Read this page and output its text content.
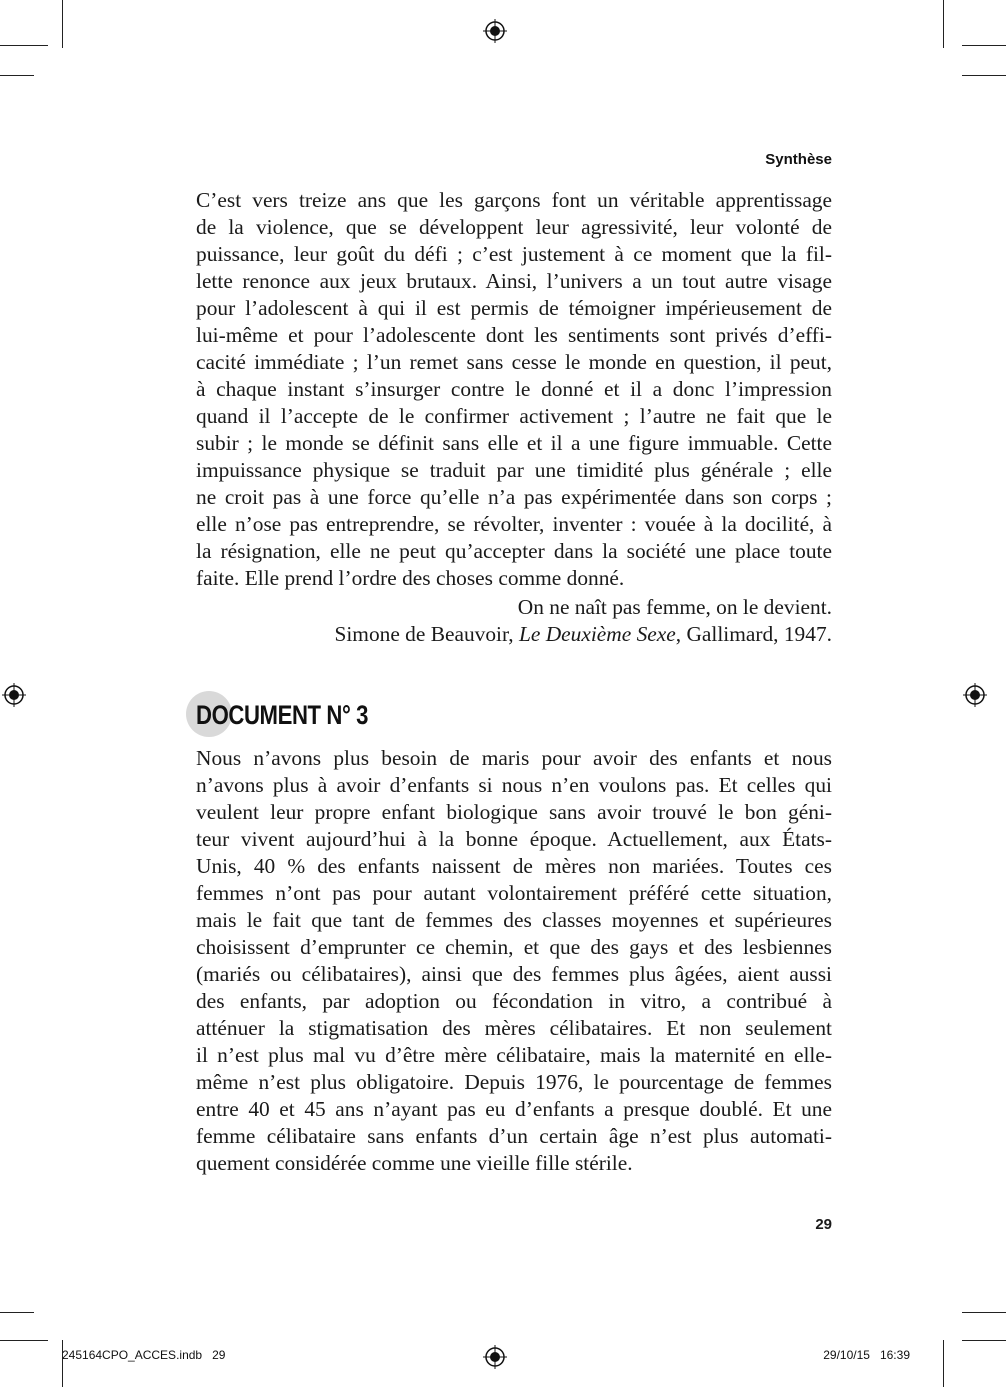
Synthèse

C’est vers treize ans que les garçons font un véritable apprentissage
de la violence, que se développent leur agressivité, leur volonté de
puissance, leur goût du défi ; c’est justement à ce moment que la fil-
lette renonce aux jeux brutaux. Ainsi, l’univers a un tout autre visage
pour l’adolescent à qui il est permis de témoigner impérieusement de
lui-même et pour l’adolescente dont les sentiments sont privés d’effi-
cacité immédiate ; l’un remet sans cesse le monde en question, il peut,
à chaque instant s’insurger contre le donné et il a donc l’impression
quand il l’accepte de le confirmer activement ; l’autre ne fait que le
subir ; le monde se définit sans elle et il a une figure immuable. Cette
impuissance physique se traduit par une timidité plus générale ; elle
ne croit pas à une force qu’elle n’a pas expérimentée dans son corps ;
elle n’ose pas entreprendre, se révolter, inventer : vouée à la docilité, à
la résignation, elle ne peut qu’accepter dans la société une place toute
faite. Elle prend l’ordre des choses comme donné.

On ne naît pas femme, on le devient.
Simone de Beauvoir, Le Deuxième Sexe, Gallimard, 1947.
DOCUMENT N° 3

Nous n’avons plus besoin de maris pour avoir des enfants et nous
n’avons plus à avoir d’enfants si nous n’en voulons pas. Et celles qui
veulent leur propre enfant biologique sans avoir trouvé le bon géni-
teur vivent aujourd’hui à la bonne époque. Actuellement, aux États-
Unis, 40 % des enfants naissent de mères non mariées. Toutes ces
femmes n’ont pas pour autant volontairement préféré cette situation,
mais le fait que tant de femmes des classes moyennes et supérieures
choisissent d’emprunter ce chemin, et que des gays et des lesbiennes
(mariés ou célibataires), ainsi que des femmes plus âgées, aient aussi
des enfants, par adoption ou fécondation in vitro, a contribué à
atténuer la stigmatisation des mères célibataires. Et non seulement
il n’est plus mal vu d’être mère célibataire, mais la maternité en elle-
même n’est plus obligatoire. Depuis 1976, le pourcentage de femmes
entre 40 et 45 ans n’ayant pas eu d’enfants a presque doublé. Et une
femme célibataire sans enfants d’un certain âge n’est plus automati-
quement considérée comme une vieille fille stérile.

29
245164CPO_ACCES.indb   29	29/10/15   16:39
